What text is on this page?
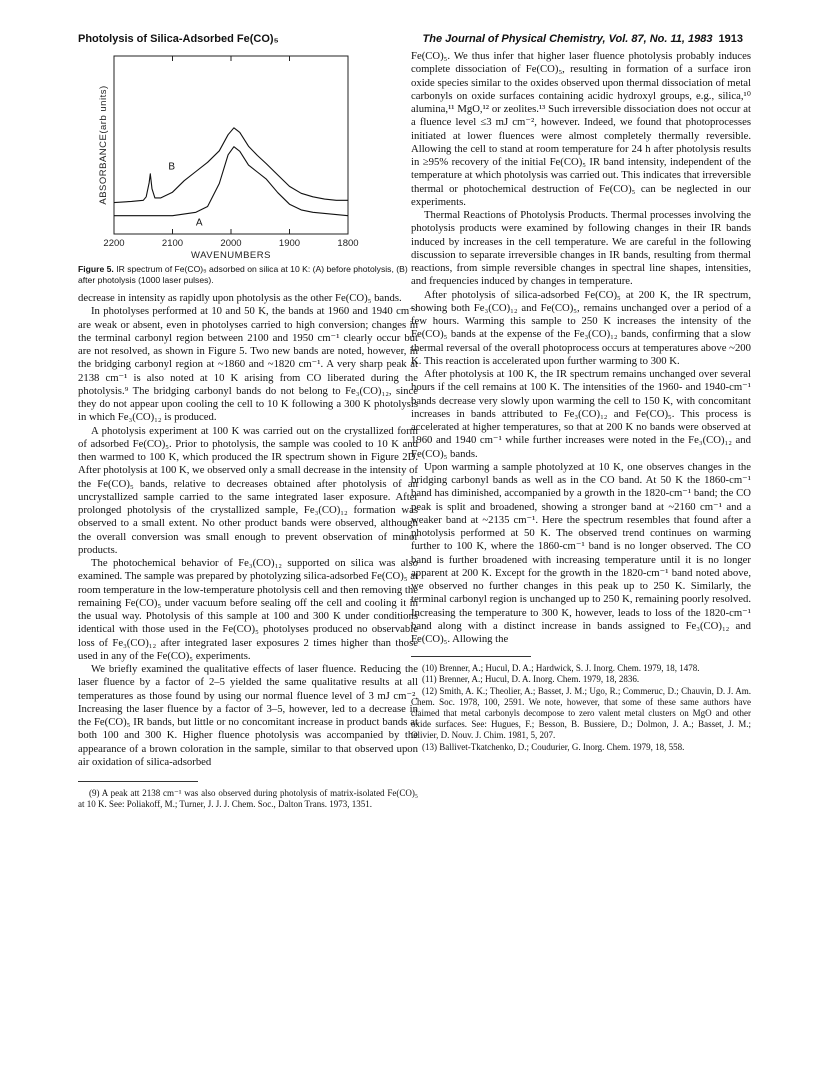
Photolysis of Silica-Adsorbed Fe(CO)₅	The Journal of Physical Chemistry, Vol. 87, No. 11, 1983 1913
2200	2100	2000	1900	1800
WAVENUMBERS
ABSORBANCE(arb units)
A
B
Figure 5. IR spectrum of Fe(CO)₅ adsorbed on silica at 10 K: (A) before photolysis, (B) after photolysis (1000 laser pulses).

decrease in intensity as rapidly upon photolysis as the other Fe(CO)₅ bands.

In photolyses performed at 10 and 50 K, the bands at 1960 and 1940 cm⁻¹ are weak or absent, even in photolyses carried to high conversion; changes in the terminal carbonyl region between 2100 and 1950 cm⁻¹ clearly occur but are not resolved, as shown in Figure 5. Two new bands are noted, however, in the bridging carbonyl region at ~1860 and ~1820 cm⁻¹. A very sharp peak at 2138 cm⁻¹ is also noted at 10 K arising from CO liberated during the photolysis.⁹ The bridging carbonyl bands do not belong to Fe₃(CO)₁₂, since they do not appear upon cooling the cell to 10 K following a 300 K photolysis in which Fe₃(CO)₁₂ is produced.

A photolysis experiment at 100 K was carried out on the crystallized form of adsorbed Fe(CO)₅. Prior to photolysis, the sample was cooled to 10 K and then warmed to 100 K, which produced the IR spectrum shown in Figure 2D. After photolysis at 100 K, we observed only a small decrease in the intensity of the Fe(CO)₅ bands, relative to decreases obtained after photolysis of an uncrystallized sample carried to the same integrated laser exposure. After prolonged photolysis of the crystallized sample, Fe₃(CO)₁₂ formation was observed to a small extent. No other product bands were observed, although the overall conversion was small enough to prevent observation of minor products.

The photochemical behavior of Fe₃(CO)₁₂ supported on silica was also examined. The sample was prepared by photolyzing silica-adsorbed Fe(CO)₅ at room temperature in the low-temperature photolysis cell and then removing the remaining Fe(CO)₅ under vacuum before sealing off the cell and cooling it in the usual way. Photolysis of this sample at 100 and 300 K under conditions identical with those used in the Fe(CO)₅ photolyses produced no observable loss of Fe₃(CO)₁₂ after integrated laser exposures 2 times higher than those used in any of the Fe(CO)₅ experiments.

We briefly examined the qualitative effects of laser fluence. Reducing the laser fluence by a factor of 2–5 yielded the same qualitative results at all temperatures as those found by using our normal fluence level of 3 mJ cm⁻². Increasing the laser fluence by a factor of 3–5, however, led to a decrease in the Fe(CO)₅ IR bands, but little or no concomitant increase in product bands at both 100 and 300 K. Higher fluence photolysis was accompanied by the appearance of a brown coloration in the sample, similar to that observed upon air oxidation of silica-adsorbed

(9) A peak att 2138 cm⁻¹ was also observed during photolysis of matrix-isolated Fe(CO)₅ at 10 K. See: Poliakoff, M.; Turner, J. J. J. Chem. Soc., Dalton Trans. 1973, 1351.

Fe(CO)₅. We thus infer that higher laser fluence photolysis probably induces complete dissociation of Fe(CO)₅, resulting in formation of a surface iron oxide species similar to the oxides observed upon thermal dissociation of metal carbonyls on oxide surfaces containing acidic hydroxyl groups, e.g., silica,¹⁰ alumina,¹¹ MgO,¹² or zeolites.¹³ Such irreversible dissociation does not occur at a fluence level ≤3 mJ cm⁻², however. Indeed, we found that photoprocesses initiated at lower fluences were almost completely thermally reversible. Allowing the cell to stand at room temperature for 24 h after photolysis results in ≥95% recovery of the initial Fe(CO)₅ IR band intensity, independent of the temperature at which photolysis was carried out. This indicates that irreversible thermal or photochemical destruction of Fe(CO)₅ can be neglected in our experiments.

Thermal Reactions of Photolysis Products. Thermal processes involving the photolysis products were examined by following changes in their IR bands induced by increases in the cell temperature. We are careful in the following discussion to separate irreversible changes in IR bands, resulting from thermal reactions, from simple reversible changes in spectral line shapes, intensities, and frequencies induced by changes in temperature.

After photolysis of silica-adsorbed Fe(CO)₅ at 200 K, the IR spectrum, showing both Fe₃(CO)₁₂ and Fe(CO)₅, remains unchanged over a period of a few hours. Warming this sample to 250 K increases the intensity of the Fe(CO)₅ bands at the expense of the Fe₃(CO)₁₂ bands, confirming that a slow thermal reversal of the overall photoprocess occurs at temperatures above ~200 K. This reaction is accelerated upon further warming to 300 K.

After photolysis at 100 K, the IR spectrum remains unchanged over several hours if the cell remains at 100 K. The intensities of the 1960- and 1940-cm⁻¹ bands decrease very slowly upon warming the cell to 150 K, with concomitant increases in bands attributed to Fe₃(CO)₁₂ and Fe(CO)₅. This process is accelerated at higher temperatures, so that at 200 K no bands were observed at 1960 and 1940 cm⁻¹ while further increases were noted in the Fe₃(CO)₁₂ and Fe(CO)₅ bands.

Upon warming a sample photolyzed at 10 K, one observes changes in the bridging carbonyl bands as well as in the CO band. At 50 K the 1860-cm⁻¹ band has diminished, accompanied by a growth in the 1820-cm⁻¹ band; the CO peak is split and broadened, showing a stronger band at ~2160 cm⁻¹ and a weaker band at ~2135 cm⁻¹. Here the spectrum resembles that found after a photolysis performed at 50 K. The observed trend continues on warming further to 100 K, where the 1860-cm⁻¹ band is no longer observed. The CO band is further broadened with increasing temperature until it is no longer apparent at 200 K. Except for the growth in the 1820-cm⁻¹ band noted above, we observed no further changes in this peak up to 250 K. Similarly, the terminal carbonyl region is unchanged up to 250 K, remaining poorly resolved. Increasing the temperature to 300 K, however, leads to loss of the 1820-cm⁻¹ band along with a distinct increase in bands assigned to Fe₃(CO)₁₂ and Fe(CO)₅. Allowing the

(10) Brenner, A.; Hucul, D. A.; Hardwick, S. J. Inorg. Chem. 1979, 18, 1478.

(11) Brenner, A.; Hucul, D. A. Inorg. Chem. 1979, 18, 2836.

(12) Smith, A. K.; Theolier, A.; Basset, J. M.; Ugo, R.; Commeruc, D.; Chauvin, D. J. Am. Chem. Soc. 1978, 100, 2591. We note, however, that some of these same authors have claimed that metal carbonyls decompose to zero valent metal clusters on MgO and other oxide surfaces. See: Hugues, F.; Besson, B. Bussiere, D.; Dolmon, J. A.; Basset, J. M.; Olivier, D. Nouv. J. Chim. 1981, 5, 207.

(13) Ballivet-Tkatchenko, D.; Coudurier, G. Inorg. Chem. 1979, 18, 558.
